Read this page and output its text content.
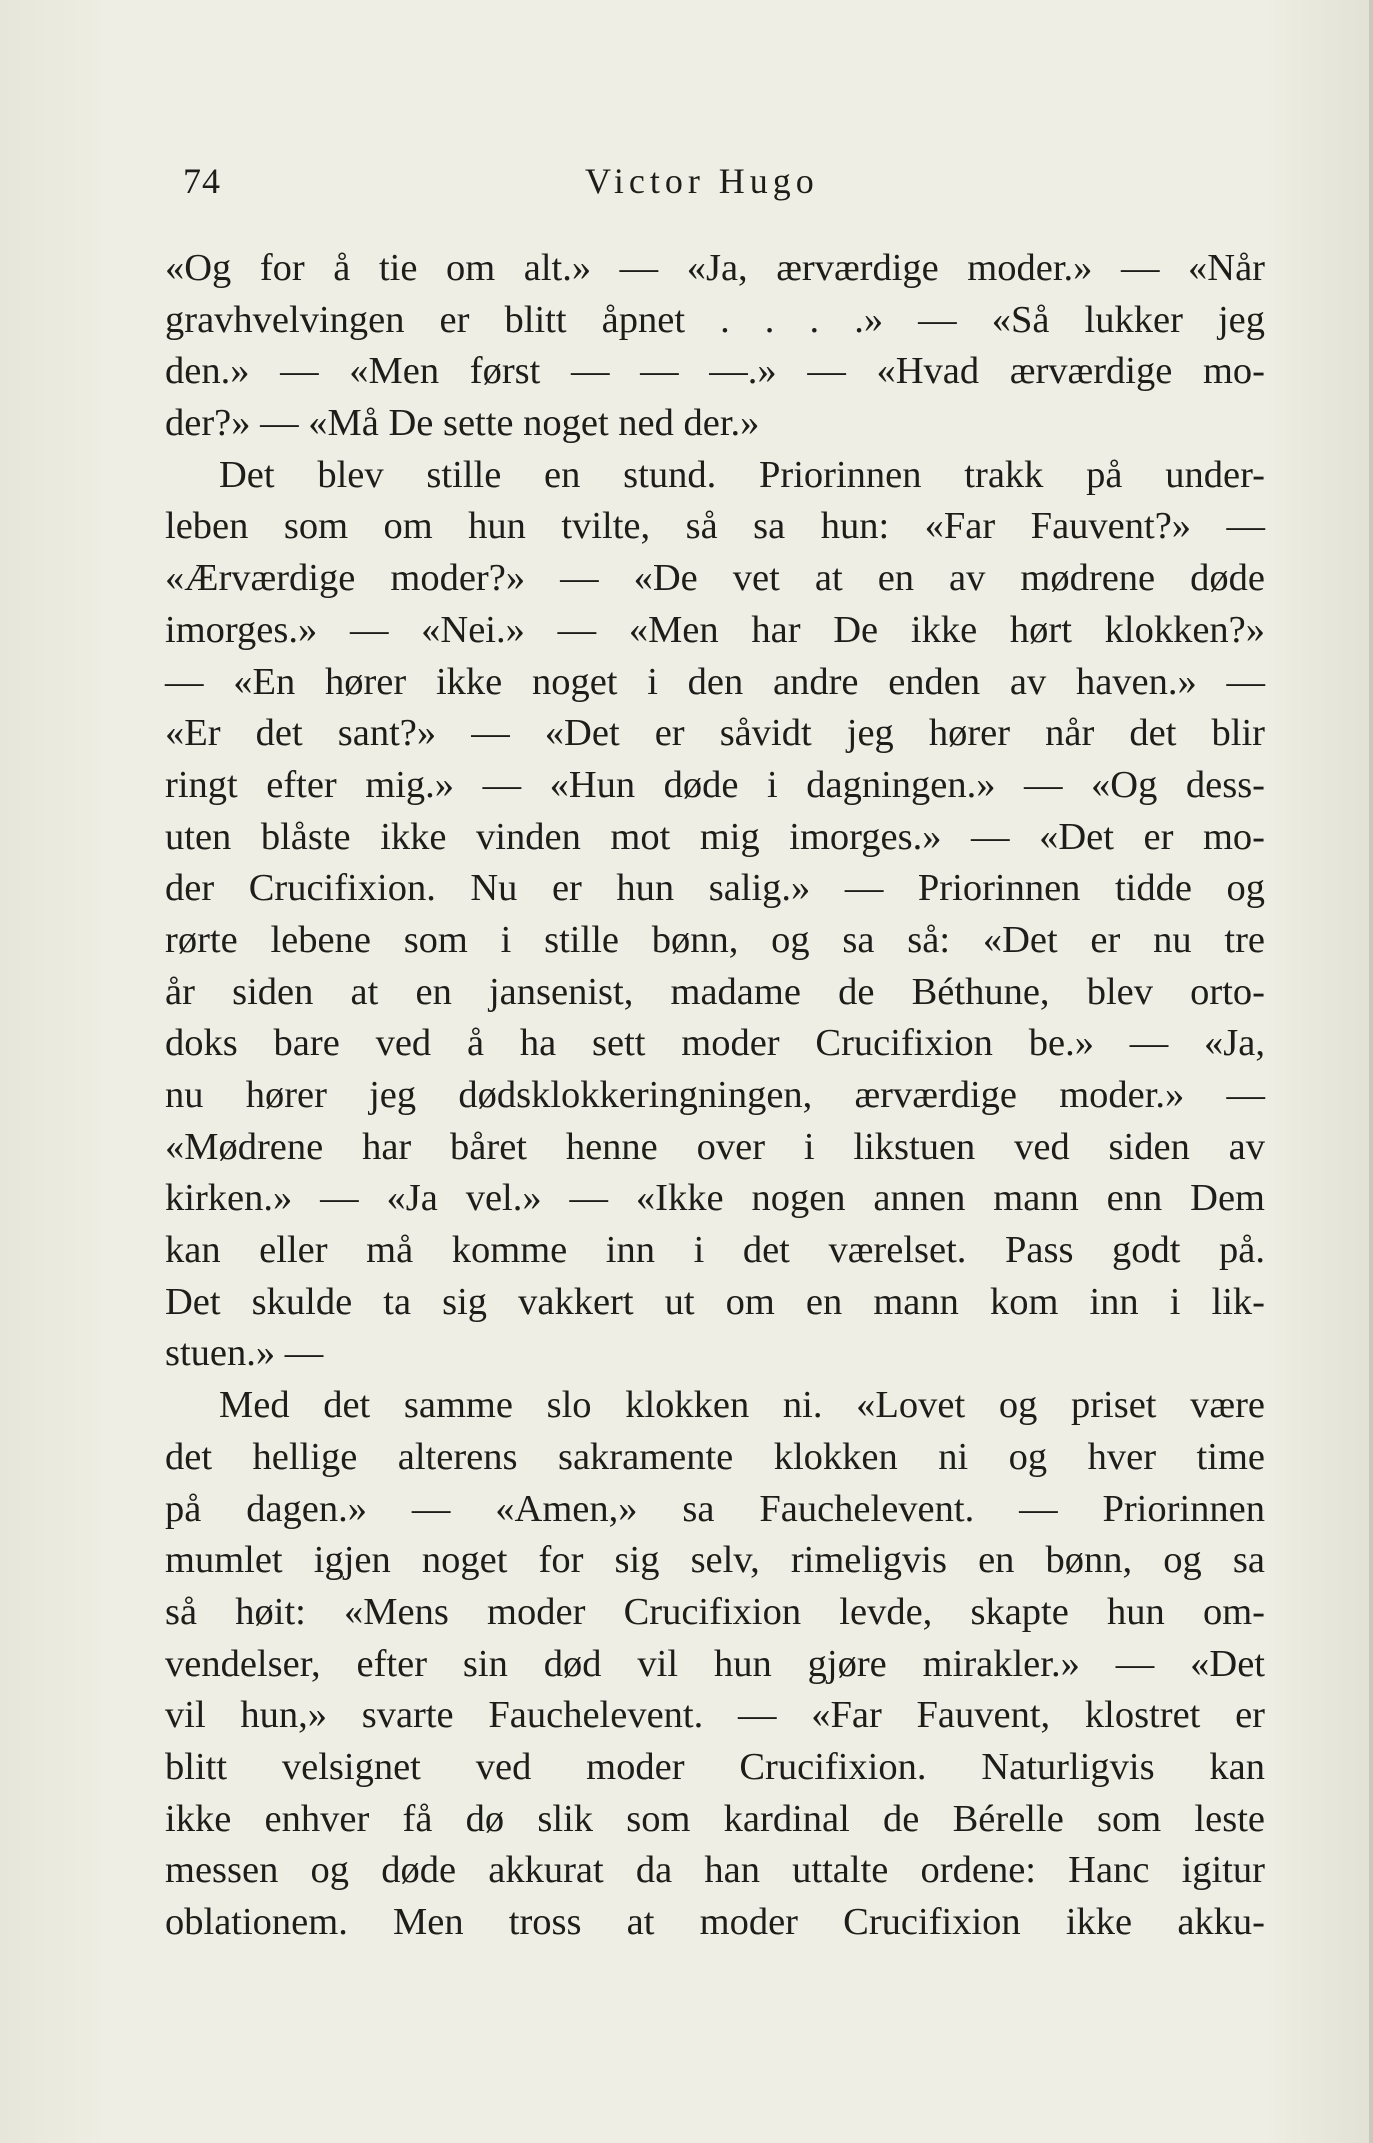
74	Victor Hugo
«Og for å tie om alt.» — «Ja, ærværdige moder.» — «Når
gravhvelvingen er blitt åpnet . . . .» — «Så lukker jeg
den.» — «Men først — — —.» — «Hvad ærværdige mo-
der?» — «Må De sette noget ned der.»
Det blev stille en stund. Priorinnen trakk på under-
leben som om hun tvilte, så sa hun: «Far Fauvent?» —
«Ærværdige moder?» — «De vet at en av mødrene døde
imorges.» — «Nei.» — «Men har De ikke hørt klokken?»
— «En hører ikke noget i den andre enden av haven.» —
«Er det sant?» — «Det er såvidt jeg hører når det blir
ringt efter mig.» — «Hun døde i dagningen.» — «Og dess-
uten blåste ikke vinden mot mig imorges.» — «Det er mo-
der Crucifixion. Nu er hun salig.» — Priorinnen tidde og
rørte lebene som i stille bønn, og sa så: «Det er nu tre
år siden at en jansenist, madame de Béthune, blev orto-
doks bare ved å ha sett moder Crucifixion be.» — «Ja,
nu hører jeg dødsklokkeringningen, ærværdige moder.» —
«Mødrene har båret henne over i likstuen ved siden av
kirken.» — «Ja vel.» — «Ikke nogen annen mann enn Dem
kan eller må komme inn i det værelset. Pass godt på.
Det skulde ta sig vakkert ut om en mann kom inn i lik-
stuen.» —
Med det samme slo klokken ni. «Lovet og priset være
det hellige alterens sakramente klokken ni og hver time
på dagen.» — «Amen,» sa Fauchelevent. — Priorinnen
mumlet igjen noget for sig selv, rimeligvis en bønn, og sa
så høit: «Mens moder Crucifixion levde, skapte hun om-
vendelser, efter sin død vil hun gjøre mirakler.» — «Det
vil hun,» svarte Fauchelevent. — «Far Fauvent, klostret er
blitt velsignet ved moder Crucifixion. Naturligvis kan
ikke enhver få dø slik som kardinal de Bérelle som leste
messen og døde akkurat da han uttalte ordene: Hanc igitur
oblationem. Men tross at moder Crucifixion ikke akku-
